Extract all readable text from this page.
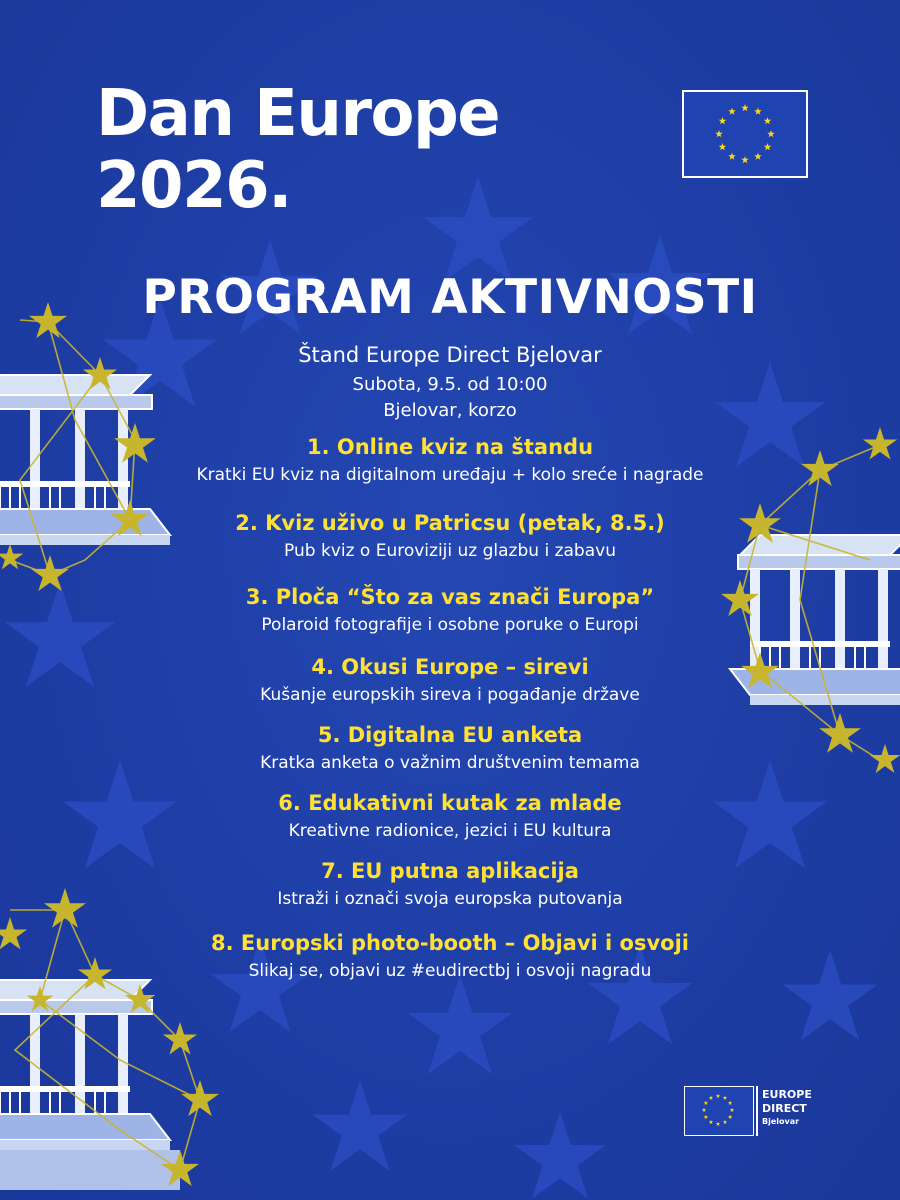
Dan Europe
2026.
PROGRAM AKTIVNOSTI
Štand Europe Direct Bjelovar
Subota, 9.5. od 10:00
Bjelovar, korzo
1. Online kviz na štandu
Kratki EU kviz na digitalnom uređaju + kolo sreće i nagrade
2. Kviz uživo u Patricsu (petak, 8.5.)
Pub kviz o Euroviziji uz glazbu i zabavu
3. Ploča “Što za vas znači Europa”
Polaroid fotografije i osobne poruke o Europi
4. Okusi Europe – sirevi
Kušanje europskih sireva i pogađanje države
5. Digitalna EU anketa
Kratka anketa o važnim društvenim temama
6. Edukativni kutak za mlade
Kreativne radionice, jezici i EU kultura
7. EU putna aplikacija
Istraži i označi svoja europska putovanja
8. Europski photo-booth – Objavi i osvoji
Slikaj se, objavi uz #eudirectbj i osvoji nagradu
EUROPE
DIRECT
Bjelovar
